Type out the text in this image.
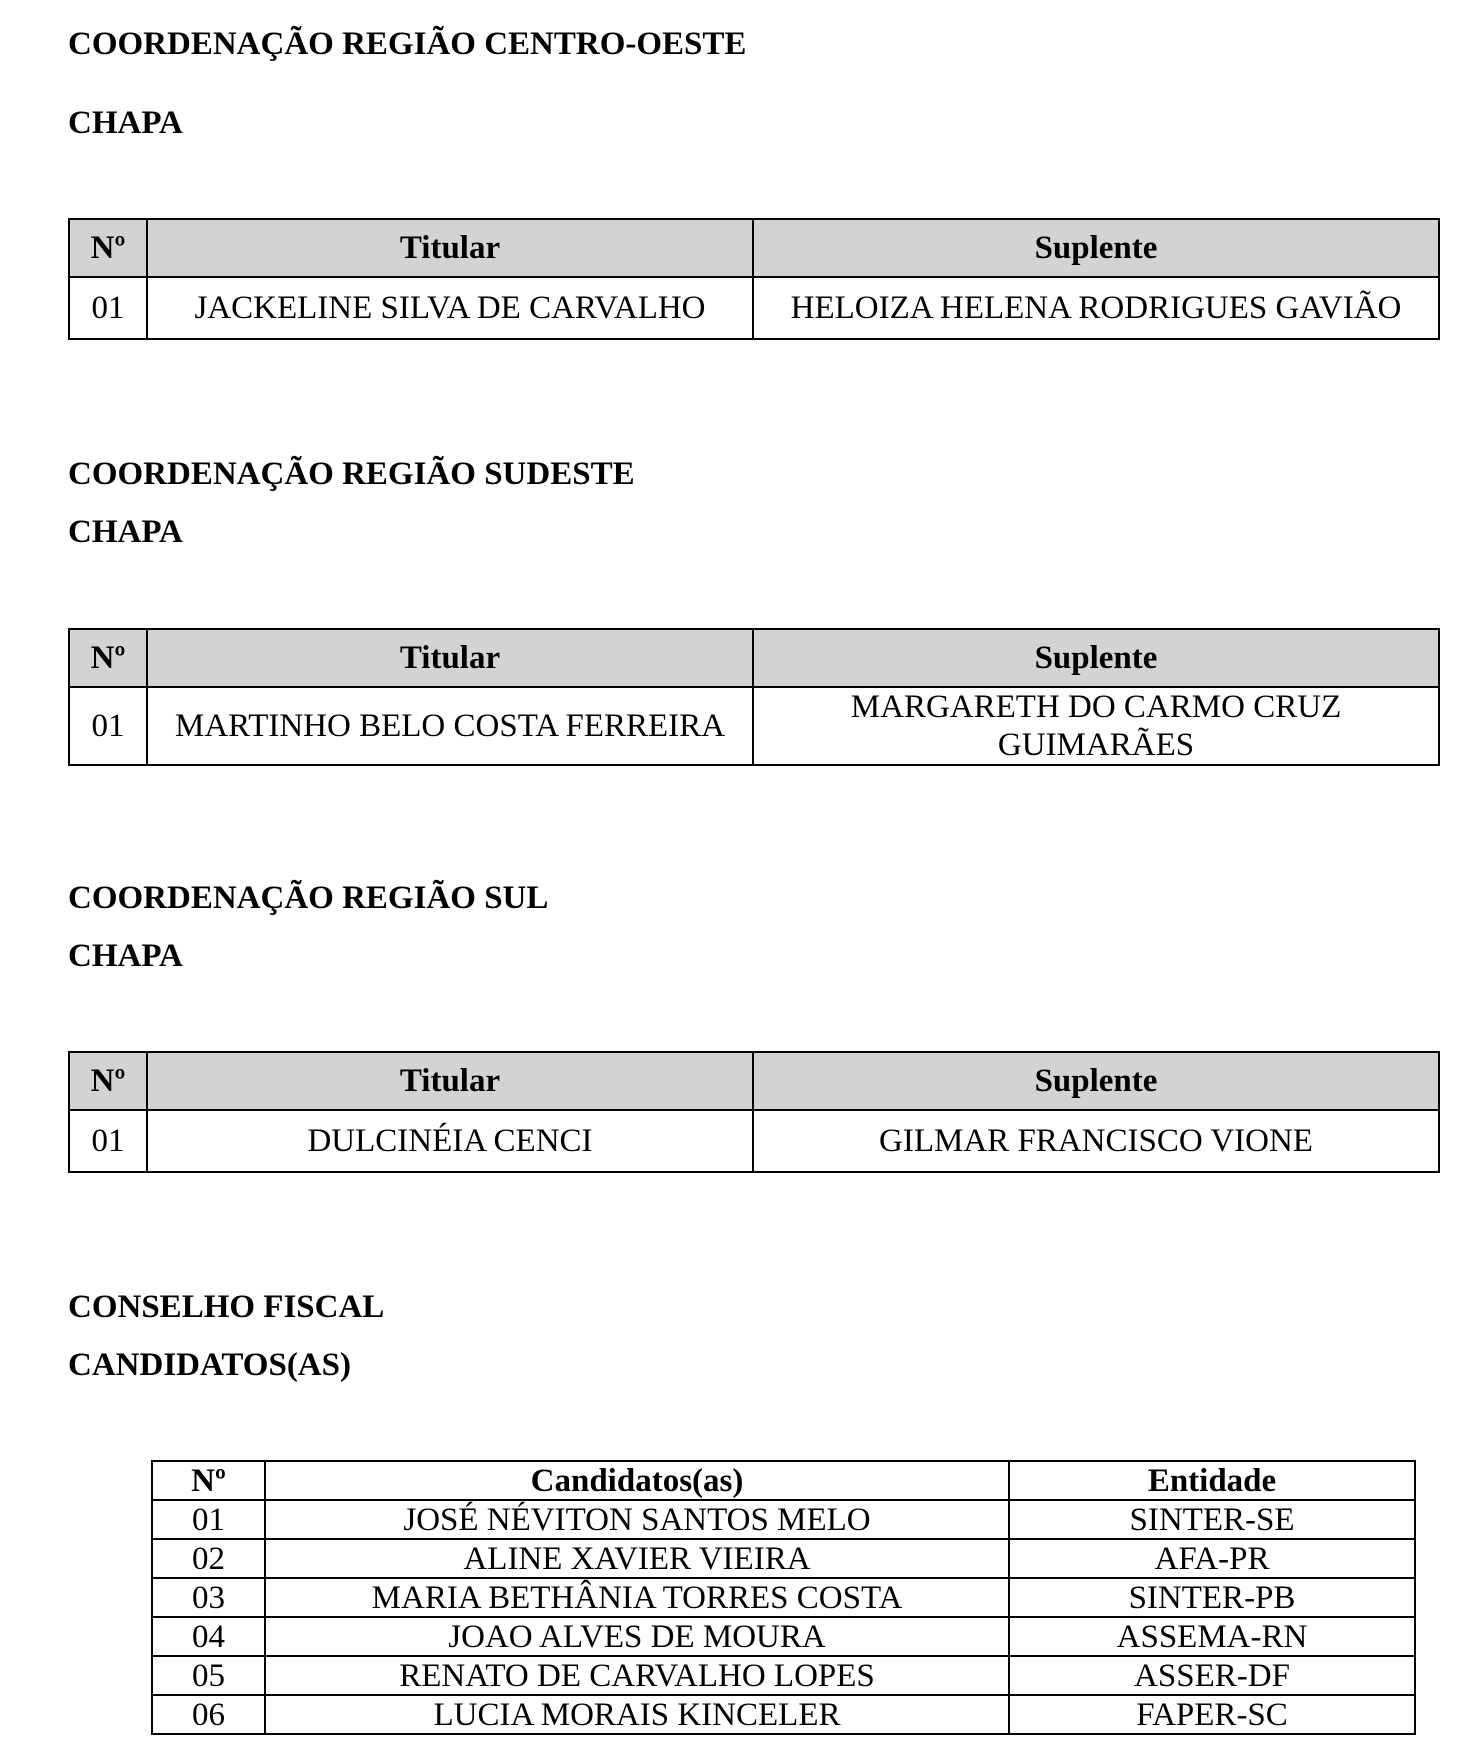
COORDENAÇÃO REGIÃO CENTRO-OESTE
CHAPA
Nº	Titular	Suplente
01	JACKELINE SILVA DE CARVALHO	HELOIZA HELENA RODRIGUES GAVIÃO
COORDENAÇÃO REGIÃO SUDESTE
CHAPA
Nº	Titular	Suplente
01	MARTINHO BELO COSTA FERREIRA	MARGARETH DO CARMO CRUZ GUIMARÃES
COORDENAÇÃO REGIÃO SUL
CHAPA
Nº	Titular	Suplente
01	DULCINÉIA CENCI	GILMAR FRANCISCO VIONE
CONSELHO FISCAL
CANDIDATOS(AS)
Nº	Candidatos(as)	Entidade
01	JOSÉ NÉVITON SANTOS MELO	SINTER-SE
02	ALINE XAVIER VIEIRA	AFA-PR
03	MARIA BETHÂNIA TORRES COSTA	SINTER-PB
04	JOAO ALVES DE MOURA	ASSEMA-RN
05	RENATO DE CARVALHO LOPES	ASSER-DF
06	LUCIA MORAIS KINCELER	FAPER-SC
